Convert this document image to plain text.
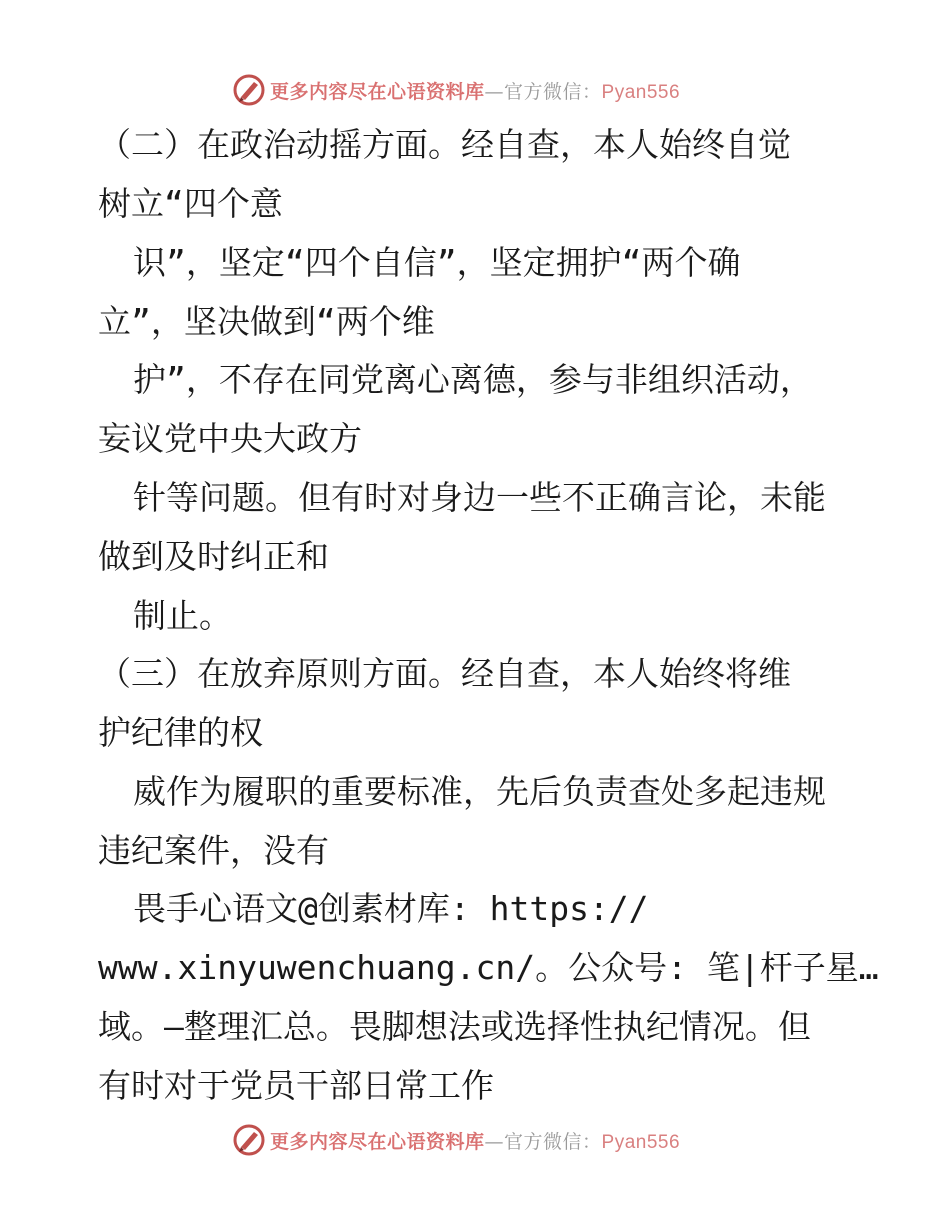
更多内容尽在心语资料库—官方微信：Pyan556
（二）在政治动摇方面。经自查，本人始终自觉
树立“四个意
识”，坚定“四个自信”，坚定拥护“两个确
立”，坚决做到“两个维
护”，不存在同党离心离德，参与非组织活动，
妄议党中央大政方
针等问题。但有时对身边一些不正确言论，未能
做到及时纠正和
制止。
（三）在放弃原则方面。经自查，本人始终将维
护纪律的权
威作为履职的重要标准，先后负责查处多起违规
违纪案件，没有
畏手心语文@创素材库: https://
www.xinyuwenchuang.cn/。公众号: 笔|杆子星…
域。—整理汇总。畏脚想法或选择性执纪情况。但
有时对于党员干部日常工作
更多内容尽在心语资料库—官方微信：Pyan556
